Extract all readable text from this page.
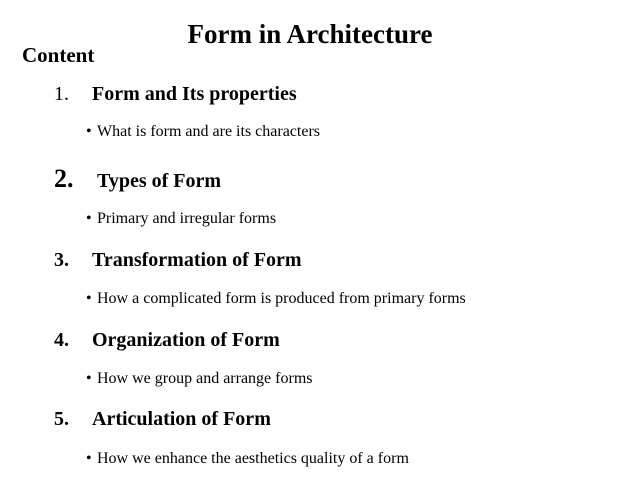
Form in Architecture
Content
1. Form and Its properties
• What is form and are its characters
2. Types of Form
• Primary and irregular forms
3. Transformation of Form
• How a complicated form is produced from primary forms
4. Organization of Form
• How we group and arrange forms
5. Articulation of Form
• How we enhance the aesthetics quality of a form
